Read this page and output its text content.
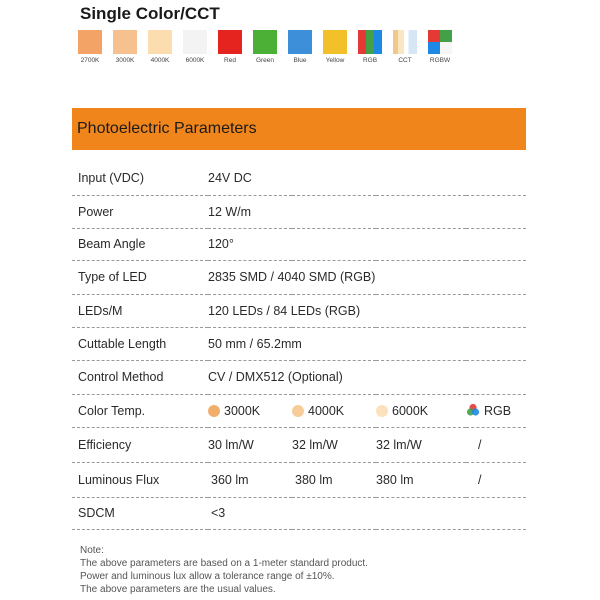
Single Color/CCT
2700K 3000K 4000K 6000K	Red	Green	Blue	Yellow	RGB	CCT	RGBW
Photoelectric Parameters
Input (VDC)	24V DC			
Power	12 W/m			
Beam Angle	120°			
Type of LED	2835 SMD / 4040 SMD (RGB)			
LEDs/M	120 LEDs / 84 LEDs (RGB)			
Cuttable Length	50 mm / 65.2mm			
Control Method	CV / DMX512 (Optional)			
Color Temp.	3000K	4000K	6000K	RGB
Efficiency	30 lm/W	32 lm/W	32 lm/W	/
Luminous Flux	360 lm	380 lm	380 lm	/
SDCM	<3			
Note:
The above parameters are based on a 1-meter standard product.
Power and luminous lux allow a tolerance range of ±10%.
The above parameters are the usual values.
